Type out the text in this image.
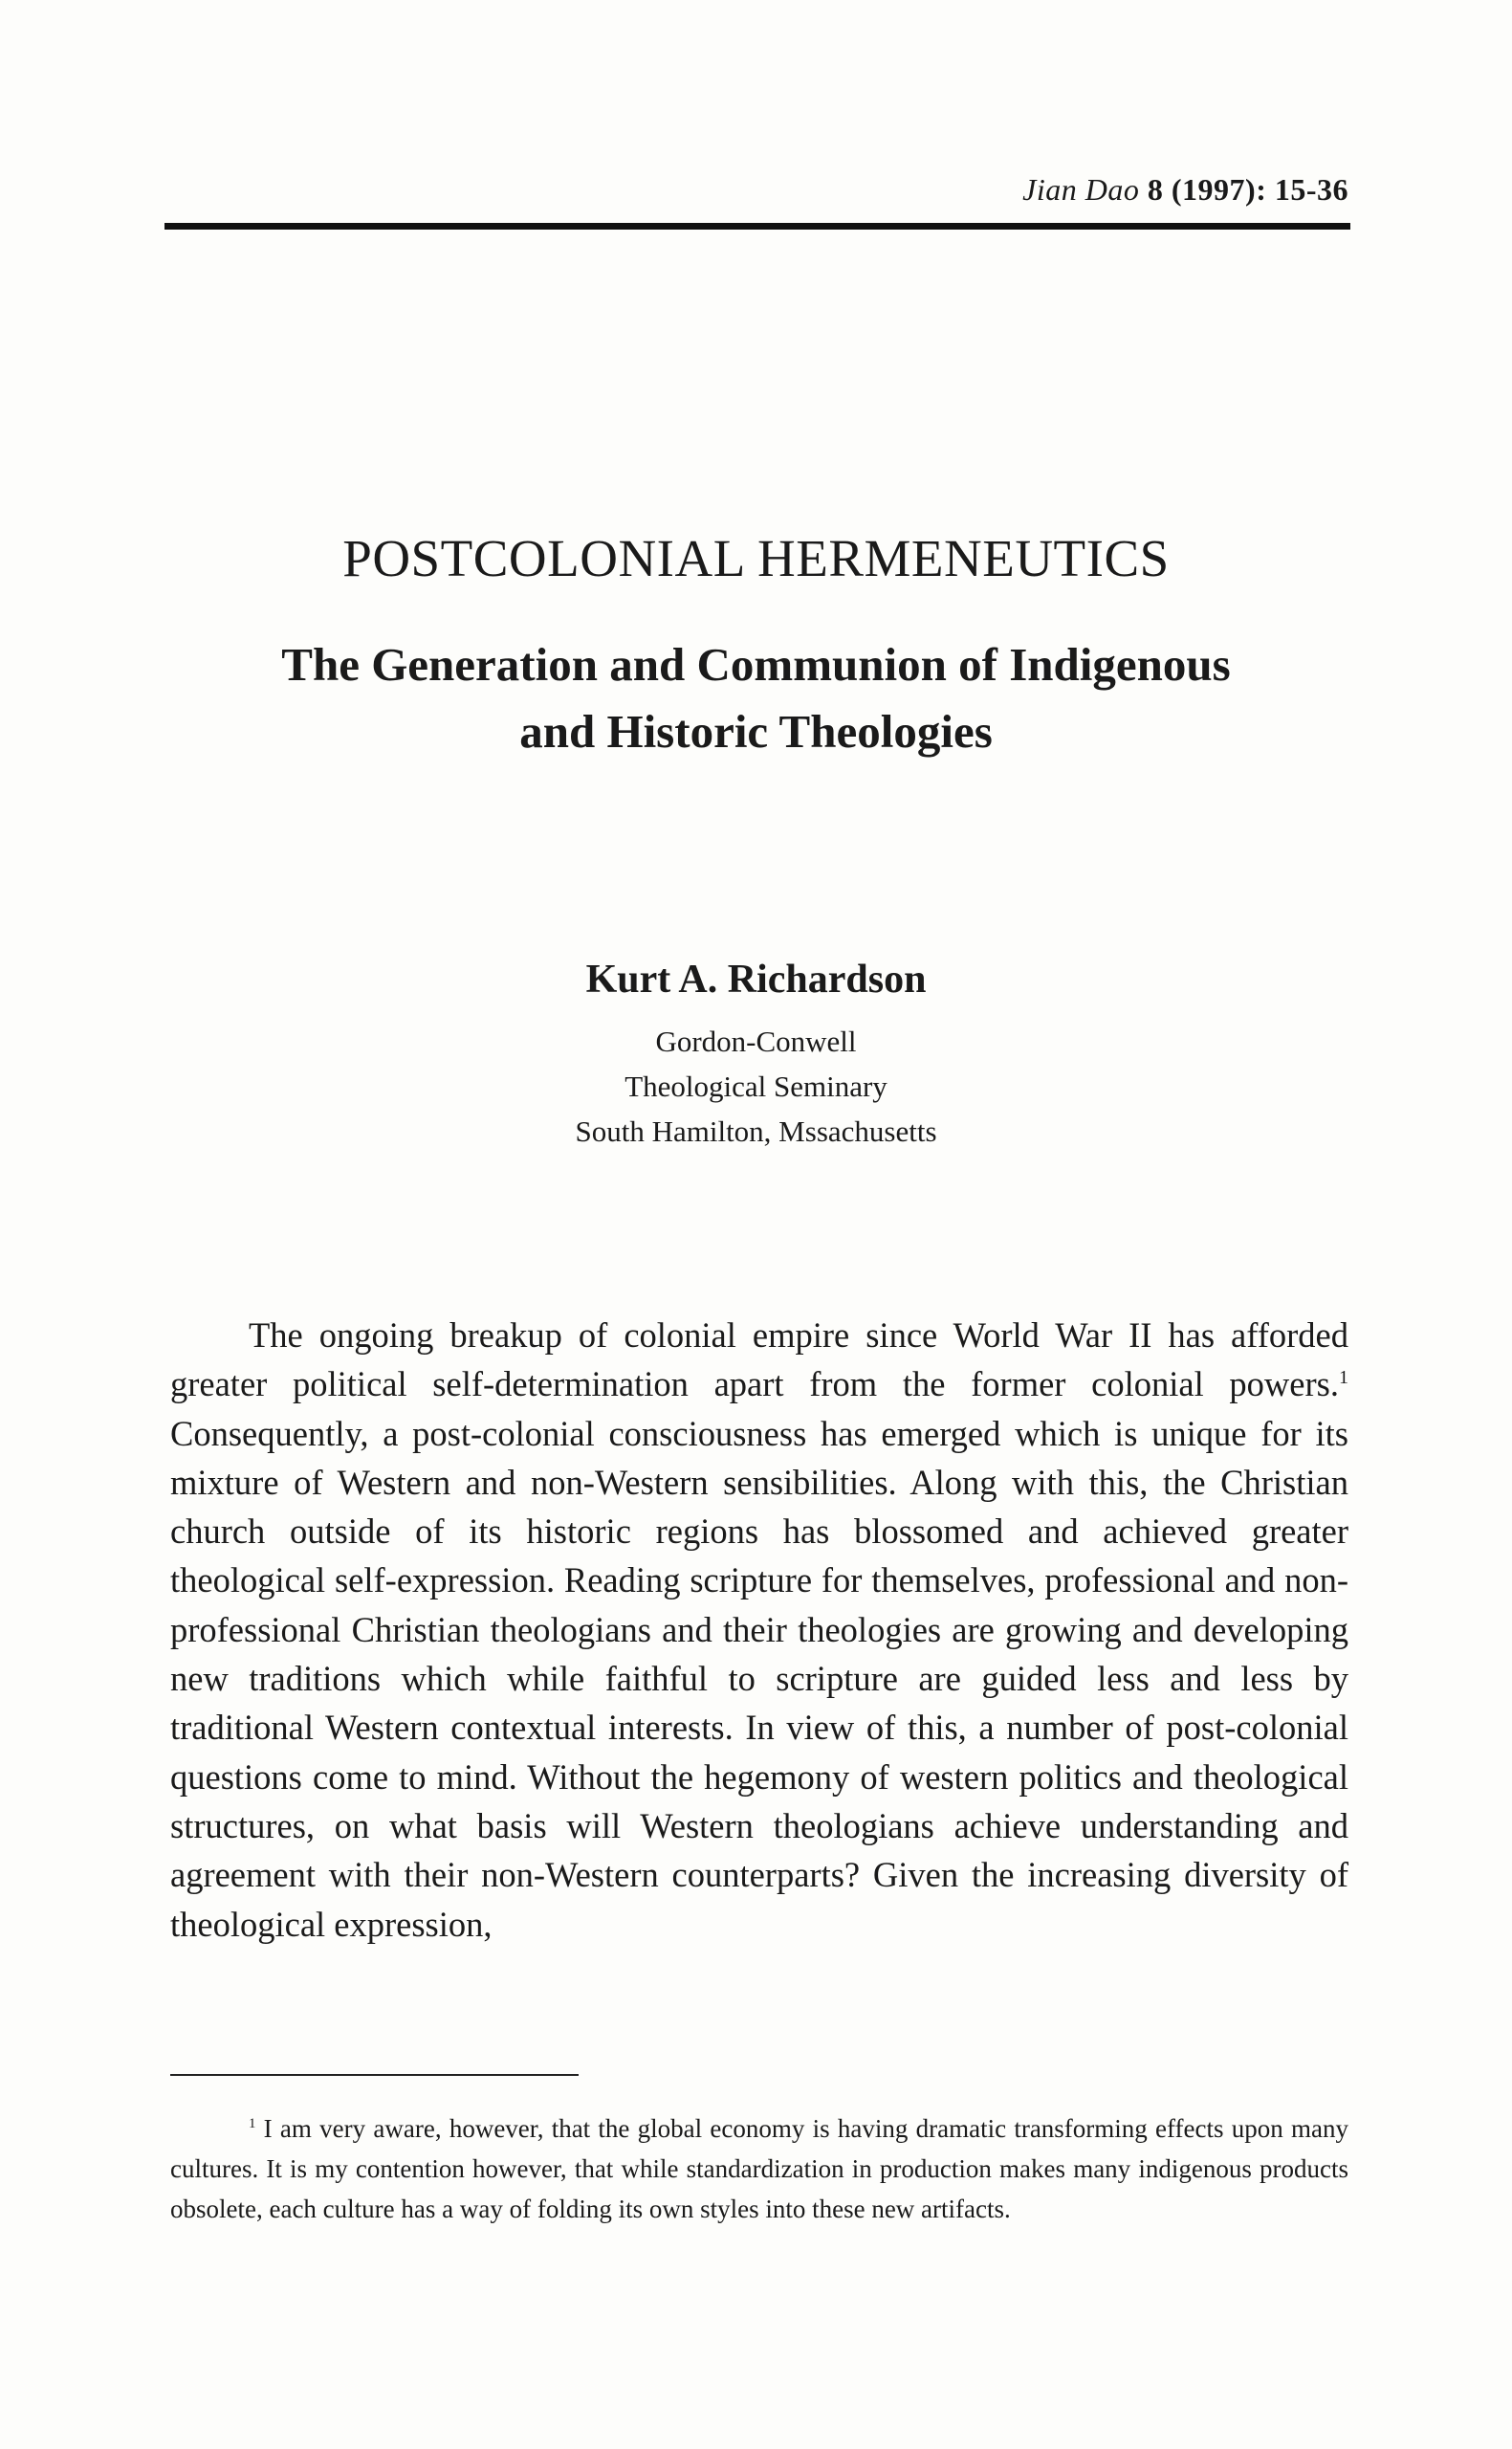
Jian Dao 8 (1997): 15-36
POSTCOLONIAL HERMENEUTICS
The Generation and Communion of Indigenous
and Historic Theologies
Kurt A. Richardson
Gordon-Conwell
Theological Seminary
South Hamilton, Mssachusetts

The ongoing breakup of colonial empire since World War II has afforded greater political self-determination apart from the former colonial powers.$^1$ Consequently, a post-colonial consciousness has emerged which is unique for its mixture of Western and non-Western sensibilities. Along with this, the Christian church outside of its historic regions has blossomed and achieved greater theological self-expression. Reading scripture for themselves, professional and non-professional Christian theologians and their theologies are growing and developing new traditions which while faithful to scripture are guided less and less by traditional Western contextual interests. In view of this, a number of post-colonial questions come to mind. Without the hegemony of western politics and theological structures, on what basis will Western theologians achieve understanding and agreement with their non-Western counterparts? Given the increasing diversity of theological expression,

$^1$ I am very aware, however, that the global economy is having dramatic transforming effects upon many cultures. It is my contention however, that while standardization in production makes many indigenous products obsolete, each culture has a way of folding its own styles into these new artifacts.
